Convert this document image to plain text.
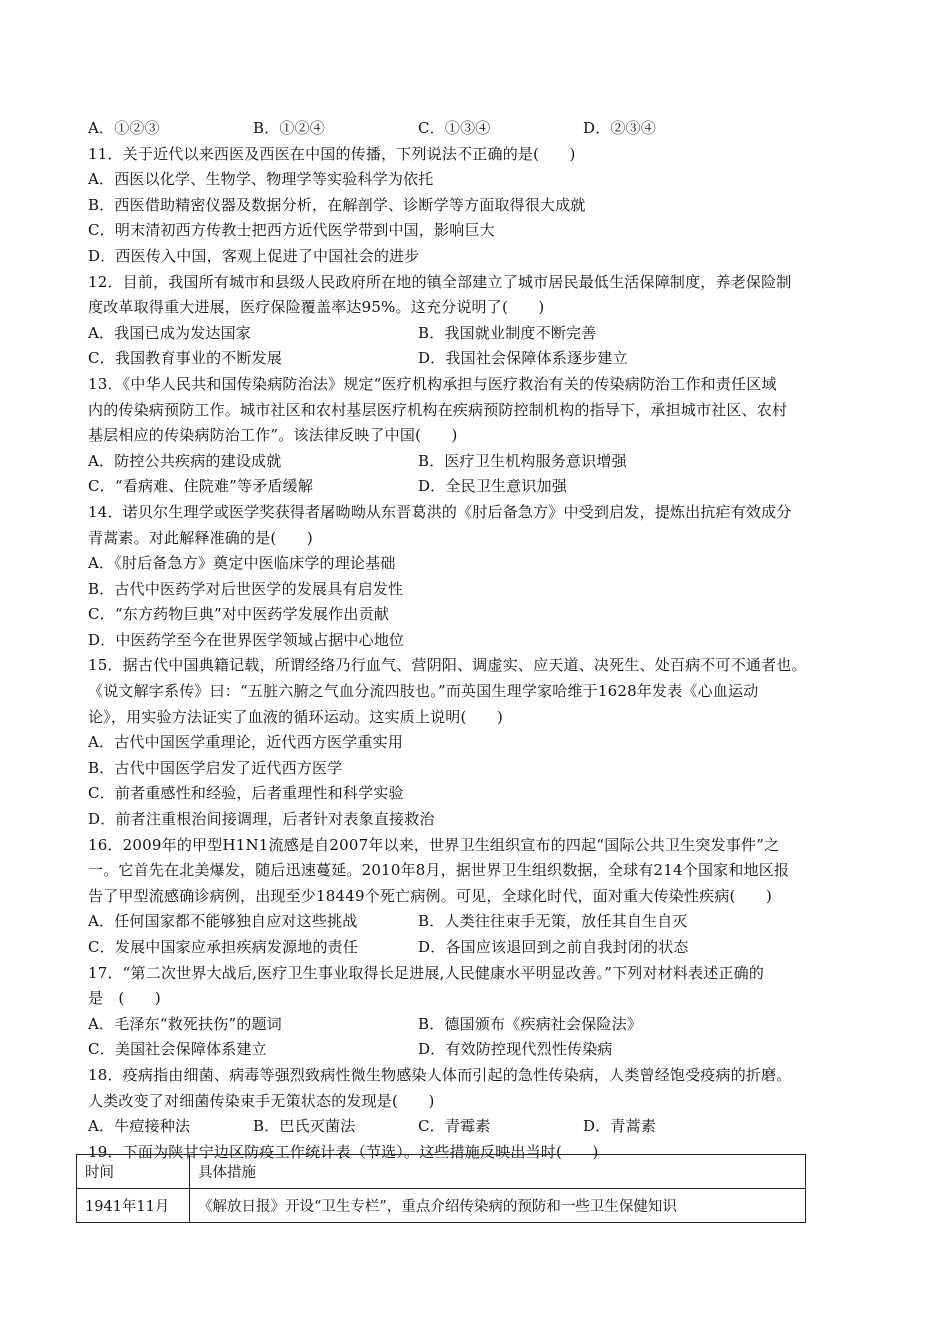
A．①②③	B．①②④	C．①③④	D．②③④
11．关于近代以来西医及西医在中国的传播，下列说法不正确的是(　　)
A．西医以化学、生物学、物理学等实验科学为依托
B．西医借助精密仪器及数据分析，在解剖学、诊断学等方面取得很大成就
C．明末清初西方传教士把西方近代医学带到中国，影响巨大
D．西医传入中国，客观上促进了中国社会的进步
12．目前，我国所有城市和县级人民政府所在地的镇全部建立了城市居民最低生活保障制度，养老保险制
度改革取得重大进展，医疗保险覆盖率达95%。这充分说明了(　　)
A．我国已成为发达国家	B．我国就业制度不断完善
C．我国教育事业的不断发展	D．我国社会保障体系逐步建立
13．《中华人民共和国传染病防治法》规定“医疗机构承担与医疗救治有关的传染病防治工作和责任区域
内的传染病预防工作。城市社区和农村基层医疗机构在疾病预防控制机构的指导下，承担城市社区、农村
基层相应的传染病防治工作”。该法律反映了中国(　　)
A．防控公共疾病的建设成就	B．医疗卫生机构服务意识增强
C．“看病难、住院难”等矛盾缓解	D．全民卫生意识加强
14．诺贝尔生理学或医学奖获得者屠呦呦从东晋葛洪的《肘后备急方》中受到启发，提炼出抗疟有效成分
青蒿素。对此解释准确的是(　　)
A．《肘后备急方》奠定中医临床学的理论基础
B．古代中医药学对后世医学的发展具有启发性
C．“东方药物巨典”对中医药学发展作出贡献
D．中医药学至今在世界医学领域占据中心地位
15．据古代中国典籍记载，所谓经络乃行血气、营阴阳、调虚实、应天道、决死生、处百病不可不通者也。
《说文解字系传》曰：“五脏六腑之气血分流四肢也。”而英国生理学家哈维于1628年发表《心血运动
论》，用实验方法证实了血液的循环运动。这实质上说明(　　)
A．古代中国医学重理论，近代西方医学重实用
B．古代中国医学启发了近代西方医学
C．前者重感性和经验，后者重理性和科学实验
D．前者注重根治间接调理，后者针对表象直接救治
16．2009年的甲型H1N1流感是自2007年以来，世界卫生组织宣布的四起“国际公共卫生突发事件”之
一。它首先在北美爆发，随后迅速蔓延。2010年8月，据世界卫生组织数据，全球有214个国家和地区报
告了甲型流感确诊病例，出现至少18449个死亡病例。可见，全球化时代，面对重大传染性疾病(　　)
A．任何国家都不能够独自应对这些挑战	B．人类往往束手无策，放任其自生自灭
C．发展中国家应承担疾病发源地的责任	D．各国应该退回到之前自我封闭的状态
17．“第二次世界大战后,医疗卫生事业取得长足进展,人民健康水平明显改善。”下列对材料表述正确的
是　(　　)
A．毛泽东“救死扶伤”的题词	B．德国颁布《疾病社会保险法》
C．美国社会保障体系建立	D．有效防控现代烈性传染病
18．疫病指由细菌、病毒等强烈致病性微生物感染人体而引起的急性传染病，人类曾经饱受疫病的折磨。
人类改变了对细菌传染束手无策状态的发现是(　　)
A．牛痘接种法	B．巴氏灭菌法	C．青霉素	D．青蒿素
19．下面为陕甘宁边区防疫工作统计表（节选）。这些措施反映出当时(　　)
时间	具体措施
1941年11月	《解放日报》开设“卫生专栏”，重点介绍传染病的预防和一些卫生保健知识
